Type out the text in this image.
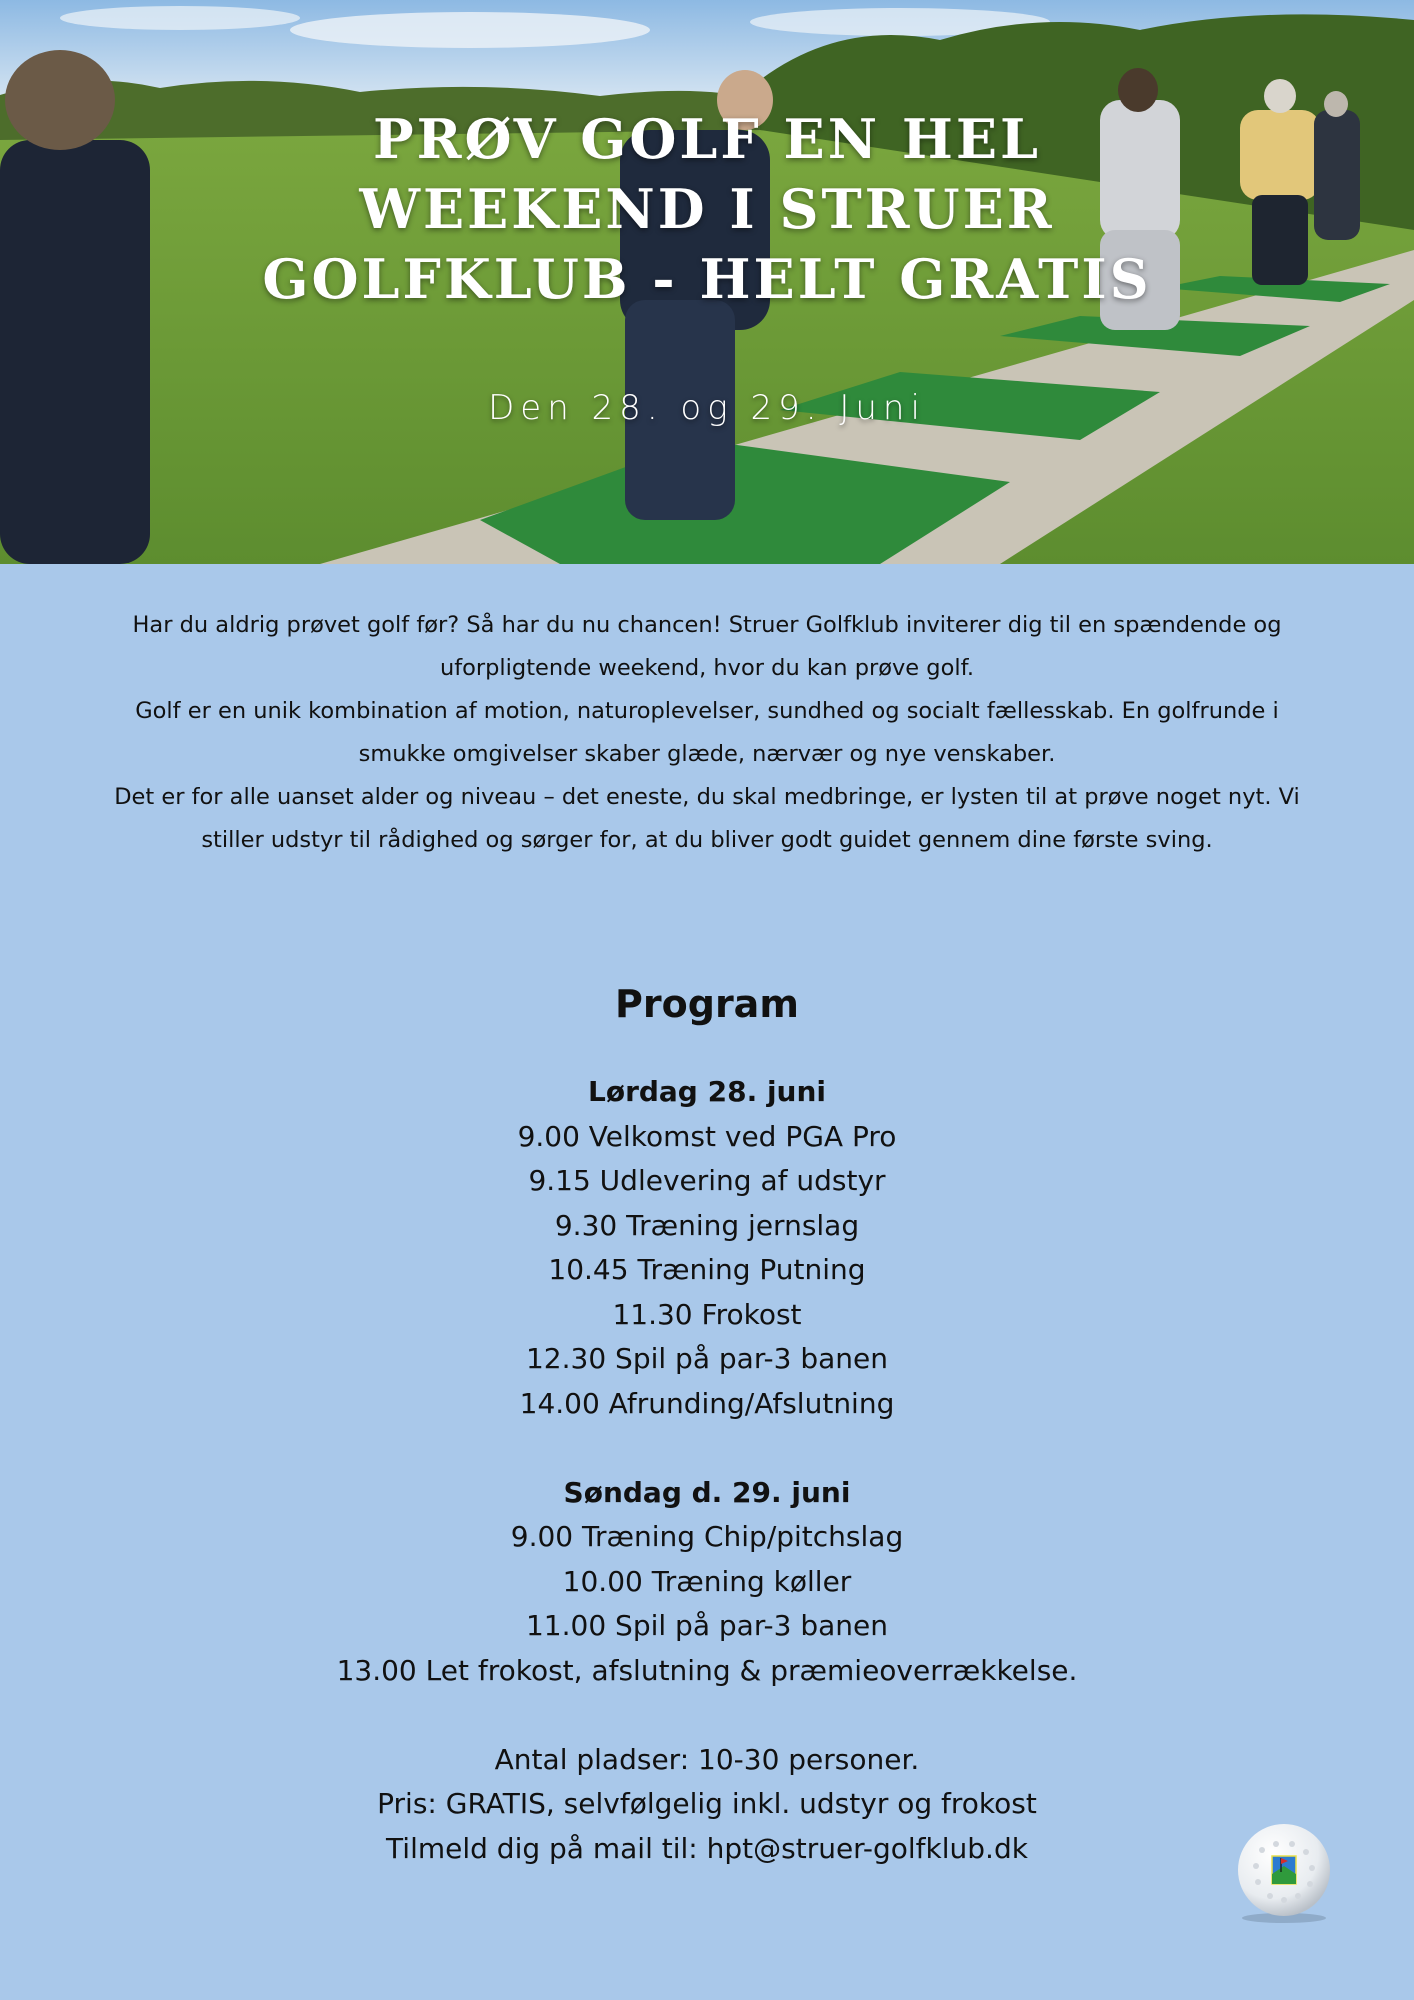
PRØV GOLF EN HEL
WEEKEND I STRUER
GOLFKLUB - HELT GRATIS

Den 28. og 29. Juni

Har du aldrig prøvet golf før? Så har du nu chancen! Struer Golfklub inviterer dig til en spændende og uforpligtende weekend, hvor du kan prøve golf.

Golf er en unik kombination af motion, naturoplevelser, sundhed og socialt fællesskab. En golfrunde i smukke omgivelser skaber glæde, nærvær og nye venskaber.

Det er for alle uanset alder og niveau – det eneste, du skal medbringe, er lysten til at prøve noget nyt. Vi stiller udstyr til rådighed og sørger for, at du bliver godt guidet gennem dine første sving.

Program

Lørdag 28. juni

9.00 Velkomst ved PGA Pro

9.15 Udlevering af udstyr

9.30 Træning jernslag

10.45 Træning Putning

11.30 Frokost

12.30 Spil på par-3 banen

14.00 Afrunding/Afslutning

Søndag d. 29. juni

9.00 Træning Chip/pitchslag

10.00 Træning køller

11.00 Spil på par-3 banen

13.00 Let frokost, afslutning & præmieoverrækkelse.

Antal pladser: 10-30 personer.

Pris: GRATIS, selvfølgelig inkl. udstyr og frokost

Tilmeld dig på mail til: hpt@struer-golfklub.dk
